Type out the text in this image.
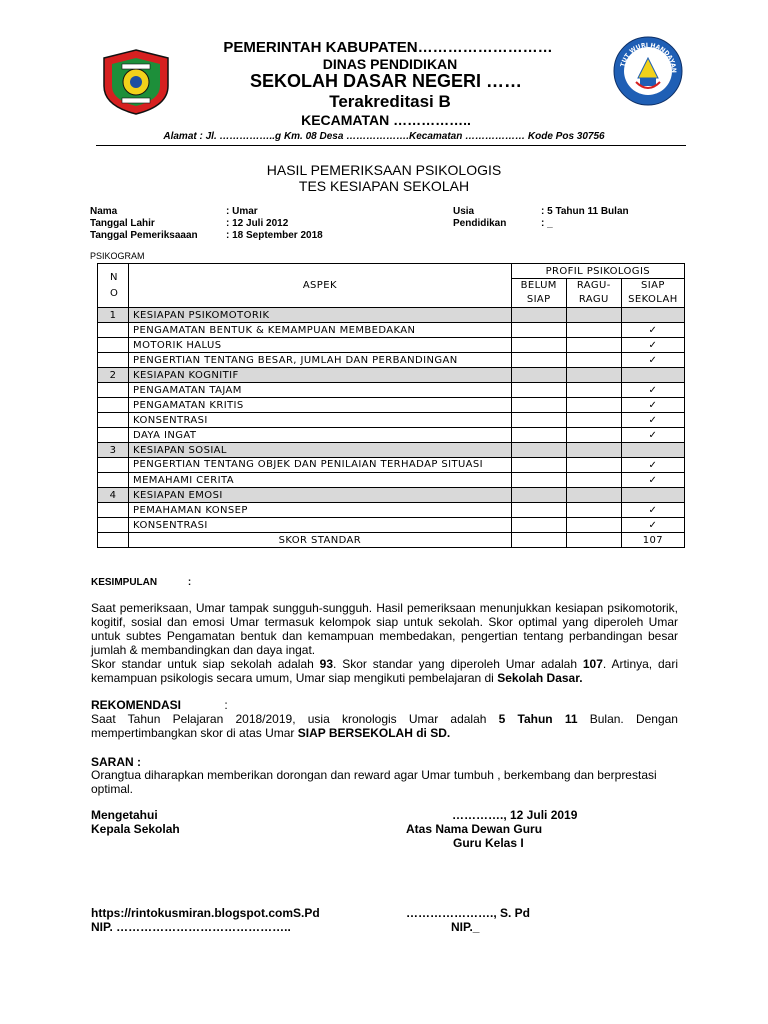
TUT WURI HANDAYAN
PEMERINTAH KABUPATEN………………………
DINAS PENDIDIKAN
SEKOLAH DASAR NEGERI ……
Terakreditasi B
KECAMATAN ……………..
Alamat : Jl. ……………..g Km. 08 Desa ……………….Kecamatan ……………… Kode Pos 30756
HASIL PEMERIKSAAN PSIKOLOGIS
TES KESIAPAN SEKOLAH
Nama	: Umar
Tanggal Lahir	: 12 Juli 2012
Tanggal Pemeriksaaan	: 18 September 2018
Usia	: 5 Tahun 11 Bulan
Pendidikan	: _
PSIKOGRAM
N O	ASPEK	PROFIL PSIKOLOGIS		
		BELUM SIAP	RAGU-RAGU	SIAP SEKOLAH

1	KESIAPAN PSIKOMOTORIK			
	PENGAMATAN BENTUK & KEMAMPUAN MEMBEDAKAN			✓
	MOTORIK HALUS			✓
	PENGERTIAN TENTANG BESAR, JUMLAH DAN PERBANDINGAN			✓
2	KESIAPAN KOGNITIF			
	PENGAMATAN TAJAM			✓
	PENGAMATAN KRITIS			✓
	KONSENTRASI			✓
	DAYA INGAT			✓
3	KESIAPAN SOSIAL			
	PENGERTIAN TENTANG OBJEK DAN PENILAIAN TERHADAP SITUASI			✓
	MEMAHAMI CERITA			✓
4	KESIAPAN EMOSI			
	PEMAHAMAN KONSEP			✓
	KONSENTRASI			✓
	SKOR STANDAR			107
KESIMPULAN	:
Saat pemeriksaan, Umar tampak sungguh-sungguh. Hasil pemeriksaan menunjukkan kesiapan psikomotorik, kogitif, sosial dan emosi Umar termasuk kelompok siap untuk sekolah. Skor optimal yang diperoleh Umar untuk subtes Pengamatan bentuk dan kemampuan membedakan, pengertian tentang perbandingan besar jumlah & membandingkan dan daya ingat.
Skor standar untuk siap sekolah adalah 93. Skor standar yang diperoleh Umar adalah 107. Artinya, dari kemampuan psikologis secara umum, Umar siap mengikuti pembelajaran di Sekolah Dasar.
REKOMENDASI	:
Saat Tahun Pelajaran 2018/2019, usia kronologis Umar adalah 5 Tahun 11 Bulan. Dengan mempertimbangkan skor di atas Umar SIAP BERSEKOLAH di SD.
SARAN :
Orangtua diharapkan memberikan dorongan dan reward agar Umar tumbuh , berkembang dan berprestasi optimal.
Mengetahui
Kepala Sekolah
…………., 12 Juli 2019
Atas Nama Dewan Guru
Guru Kelas I
https://rintokusmiran.blogspot.comS.Pd
NIP. ……………………………………..
…………………., S. Pd
NIP._
